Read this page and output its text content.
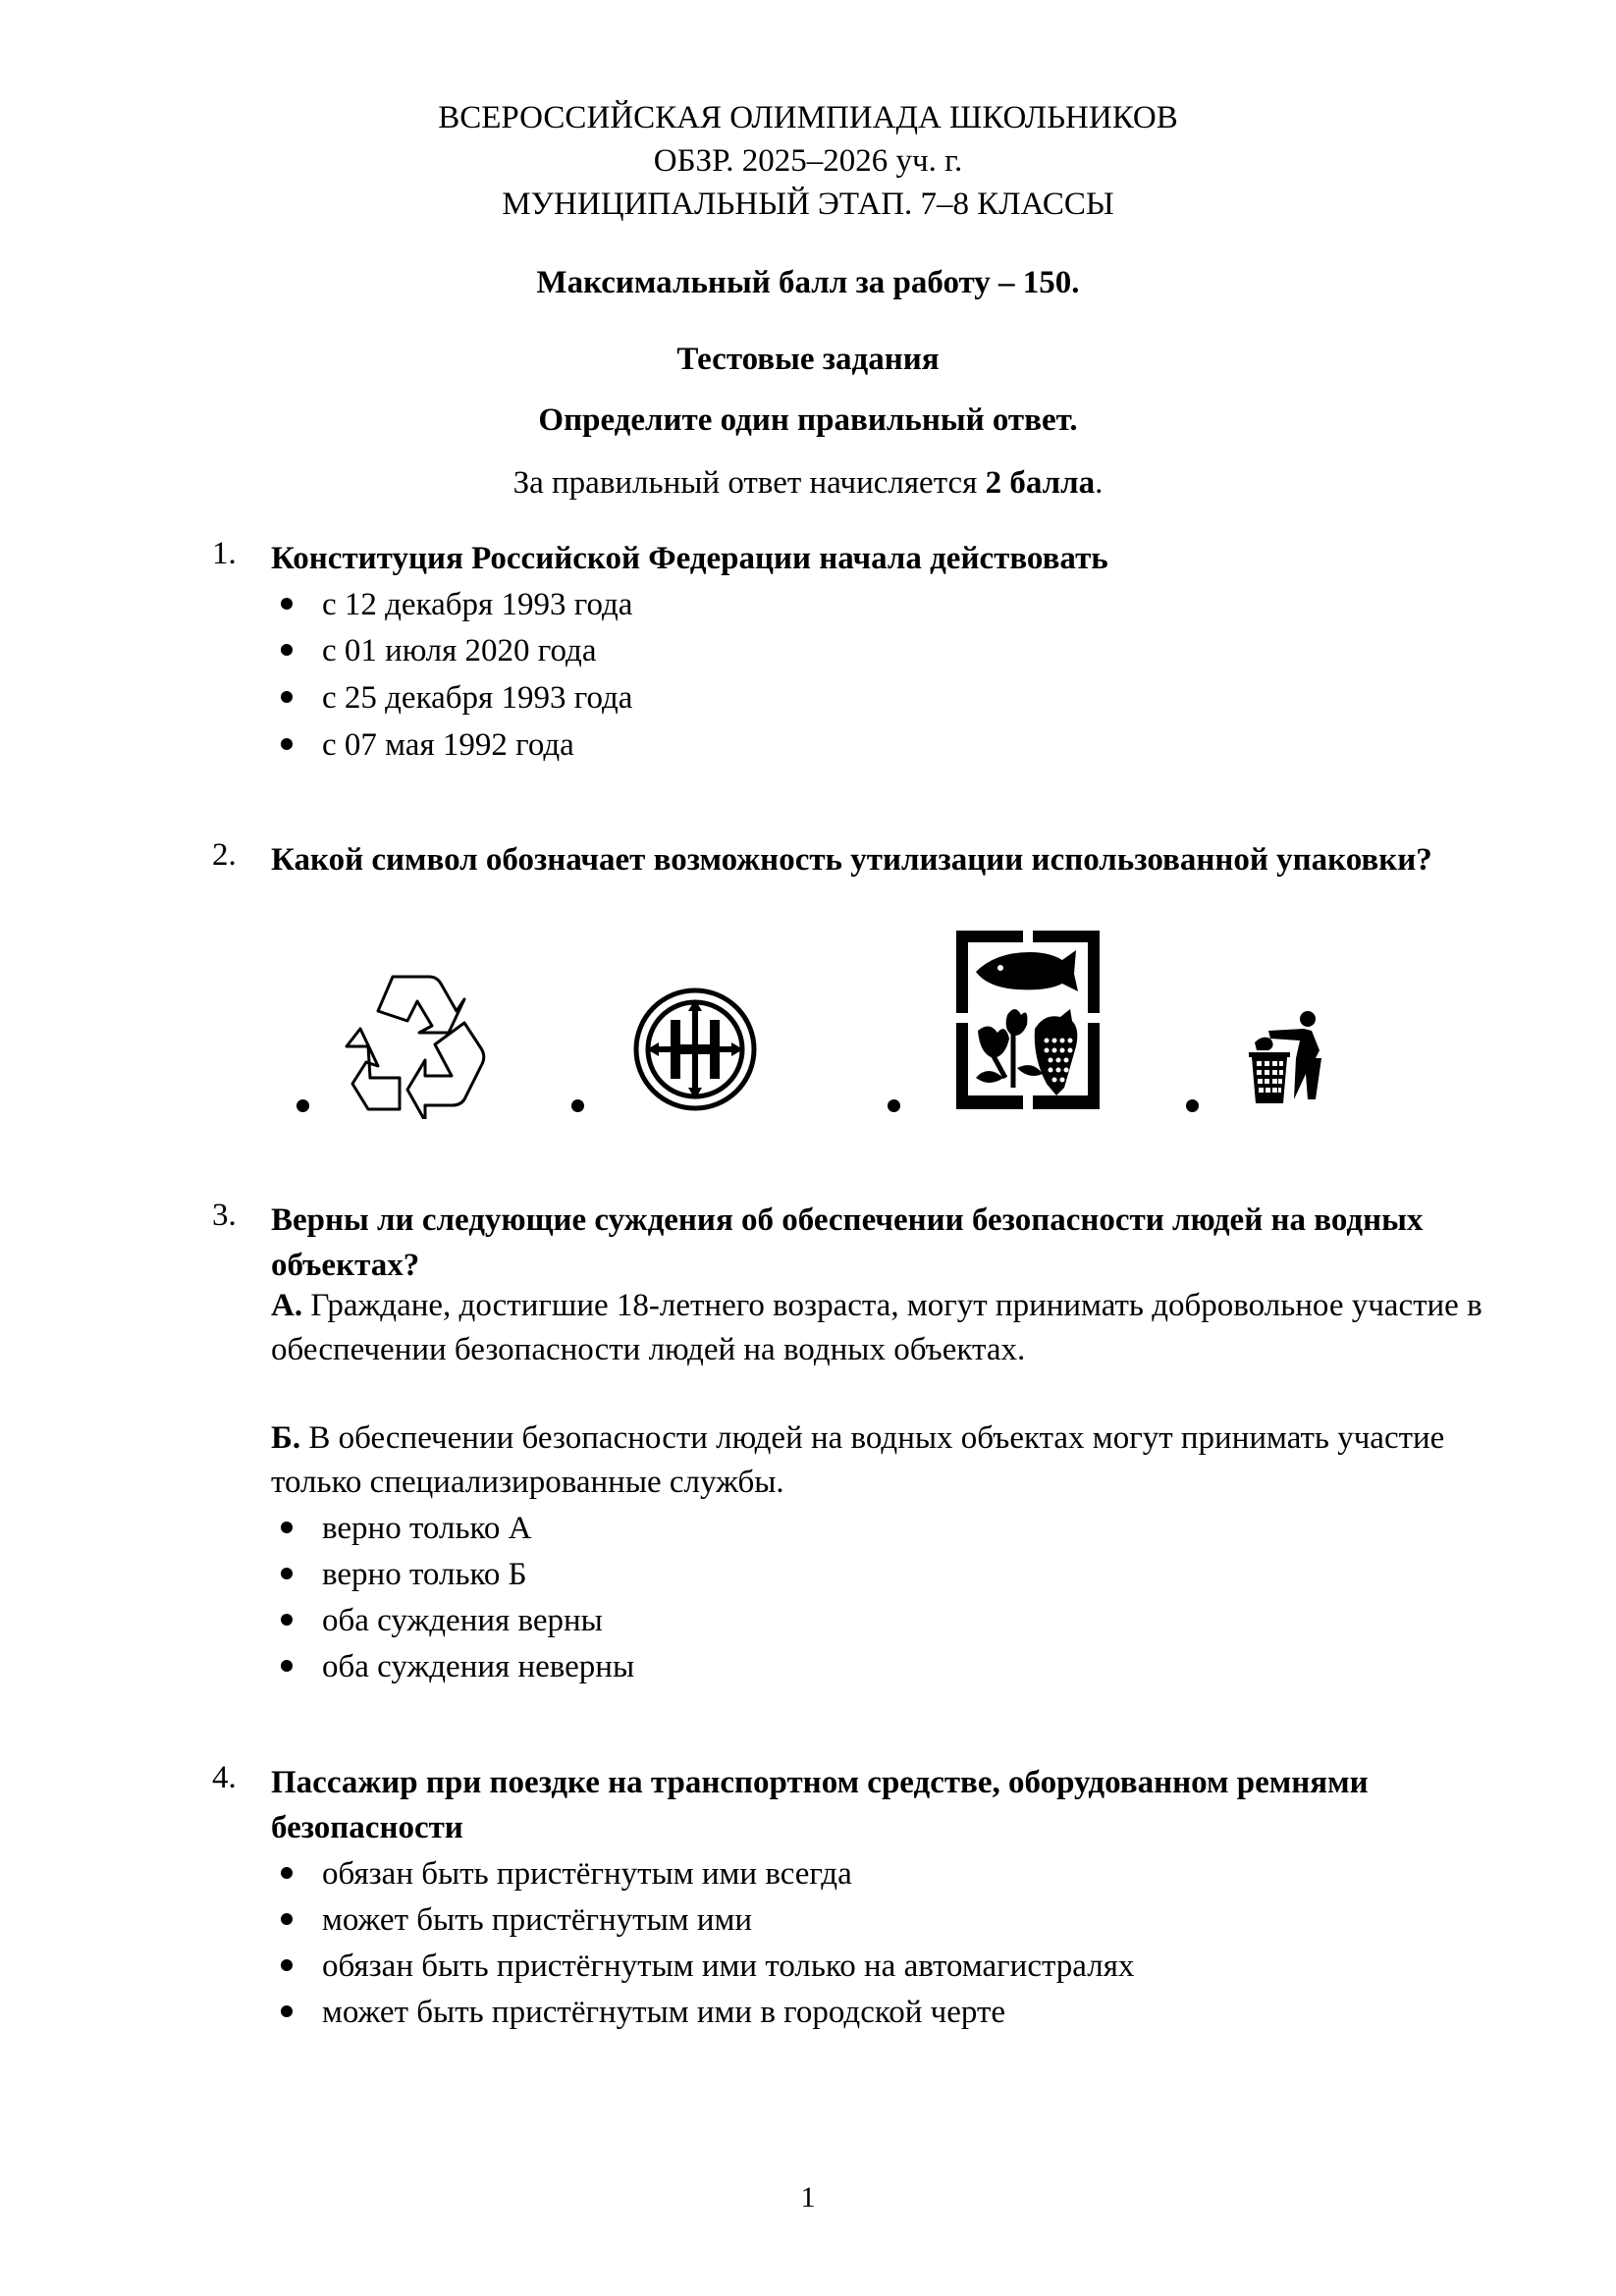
ВСЕРОССИЙСКАЯ ОЛИМПИАДА ШКОЛЬНИКОВ
ОБЗР. 2025–2026 уч. г.
МУНИЦИПАЛЬНЫЙ ЭТАП. 7–8 КЛАССЫ
Максимальный балл за работу – 150.
Тестовые задания
Определите один правильный ответ.
За правильный ответ начисляется 2 балла.
1. Конституция Российской Федерации начала действовать
с 12 декабря 1993 года
с 01 июля 2020 года
с 25 декабря 1993 года
с 07 мая 1992 года
2. Какой символ обозначает возможность утилизации использованной упаковки?
3. Верны ли следующие суждения об обеспечении безопасности людей на водных объектах?
А. Граждане, достигшие 18-летнего возраста, могут принимать добровольное участие в обеспечении безопасности людей на водных объектах.
Б. В обеспечении безопасности людей на водных объектах могут принимать участие только специализированные службы.
верно только А
верно только Б
оба суждения верны
оба суждения неверны
4. Пассажир при поездке на транспортном средстве, оборудованном ремнями безопасности
обязан быть пристёгнутым ими всегда
может быть пристёгнутым ими
обязан быть пристёгнутым ими только на автомагистралях
может быть пристёгнутым ими в городской черте
1
